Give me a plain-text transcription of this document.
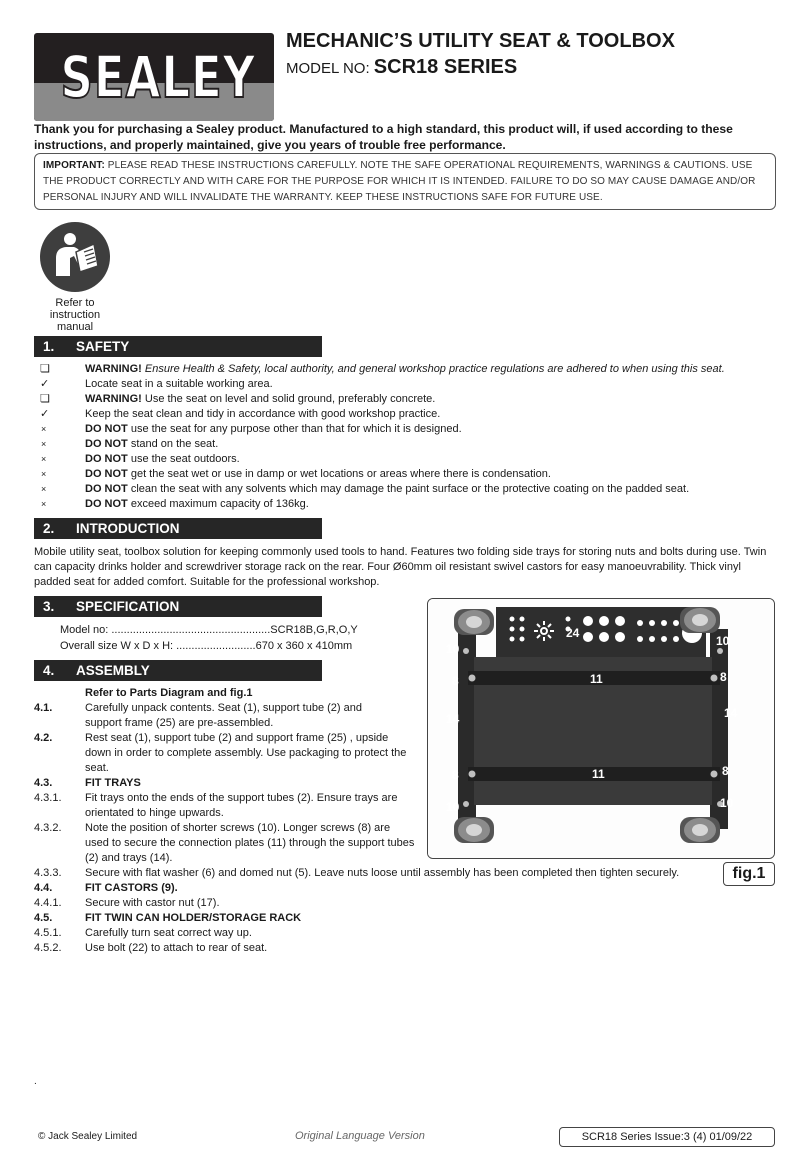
SEALEY
MECHANIC’S UTILITY SEAT & TOOLBOX
MODEL NO: SCR18 SERIES
Thank you for purchasing a Sealey product. Manufactured to a high standard, this product will, if used according to these instructions, and properly maintained, give you years of trouble free performance.
IMPORTANT: PLEASE READ THESE INSTRUCTIONS CAREFULLY. NOTE THE SAFE OPERATIONAL REQUIREMENTS, WARNINGS & CAUTIONS. USE THE PRODUCT CORRECTLY AND WITH CARE FOR THE PURPOSE FOR WHICH IT IS INTENDED. FAILURE TO DO SO MAY CAUSE DAMAGE AND/OR PERSONAL INJURY AND WILL INVALIDATE THE WARRANTY. KEEP THESE INSTRUCTIONS SAFE FOR FUTURE USE.
Refer to
instruction
manual
1. SAFETY
2. INTRODUCTION
3. SPECIFICATION
4. ASSEMBLY
❏	WARNING! Ensure Health & Safety, local authority, and general workshop practice regulations are adhered to when using this seat.
✓	Locate seat in a suitable working area.
❏	WARNING! Use the seat on level and solid ground, preferably concrete.
✓	Keep the seat clean and tidy in accordance with good workshop practice.
×	DO NOT use the seat for any purpose other than that for which it is designed.
×	DO NOT stand on the seat.
×	DO NOT use the seat outdoors.
×	DO NOT get the seat wet or use in damp or wet locations or areas where there is condensation.
×	DO NOT clean the seat with any solvents which may damage the paint surface or the protective coating on the padded seat.
×	DO NOT exceed maximum capacity of 136kg.
Mobile utility seat, toolbox solution for keeping commonly used tools to hand. Features two folding side trays for storing nuts and bolts during use. Twin can capacity drinks holder and screwdriver storage rack on the rear. Four Ø60mm oil resistant swivel castors for easy manoeuvrability. Thick vinyl padded seat for added comfort. Suitable for the professional workshop.
Model no: ....................................................SCR18B,G,R,O,Y
Overall size W x D x H: ..........................670 x 360 x 410mm
Refer to Parts Diagram and fig.1
4.1.	Carefully unpack contents. Seat (1), support tube (2) and support frame (25) are pre-assembled.
4.2.	Rest seat (1), support tube (2) and support frame (25) , upside down in order to complete assembly. Use packaging to protect the seat.
4.3.	FIT TRAYS
4.3.1.	Fit trays onto the ends of the support tubes (2). Ensure trays are orientated to hinge upwards.
4.3.2.	Note the position of shorter screws (10). Longer screws (8) are used to secure the connection plates (11) through the support tubes (2) and trays (14).
4.3.3.	Secure with flat washer (6) and domed nut (5). Leave nuts loose until assembly has been completed then tighten securely.
4.4.	FIT CASTORS (9).
4.4.1.	Secure with castor nut (17).
4.5.	FIT TWIN CAN HOLDER/STORAGE RACK
4.5.1.	Carefully turn seat correct way up.
4.5.2.	Use bolt (22) to attach to rear of seat.
24
10
10
8	8
11
14	14
8	8
11
10	10
fig.1
.
© Jack Sealey Limited	Original Language Version	SCR18 Series Issue:3 (4) 01/09/22
